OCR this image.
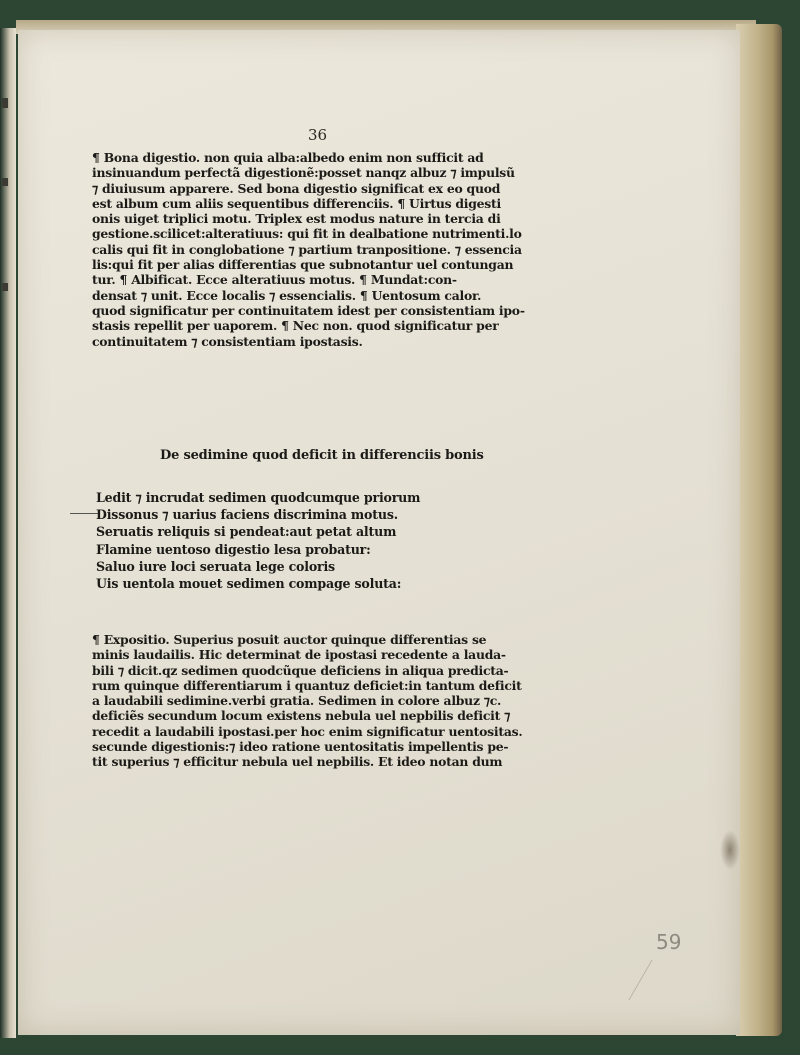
36
¶ Bona digestio. non quia alba:albedo enim non sufficit ad
insinuandum perfectã digestionẽ:posset nanqz albuz ⁊ impulsũ
⁊ diuiusum apparere. Sed bona digestio significat ex eo quod
est album cum aliis sequentibus differenciis. ¶ Uirtus digesti
onis uiget triplici motu. Triplex est modus nature in tercia di
gestione.scilicet:alteratiuus: qui fit in dealbatione nutrimenti.lo
calis qui fit in conglobatione ⁊ partium tranpositione. ⁊ essencia
lis:qui fit per alias differentias que subnotantur uel contungan
tur. ¶ Albificat. Ecce alteratiuus motus. ¶ Mundat:con‑
densat ⁊ unit. Ecce localis ⁊ essencialis. ¶ Uentosum calor.
quod significatur per continuitatem idest per consistentiam ipo‑
stasis repellit per uaporem. ¶ Nec non. quod significatur per
continuitatem ⁊ consistentiam ipostasis.
De sedimine quod deficit in differenciis bonis
Ledit ⁊ incrudat sedimen quodcumque priorum
Dissonus ⁊ uarius faciens discrimina motus.
Seruatis reliquis si pendeat:aut petat altum
Flamine uentoso digestio lesa probatur:
Saluo iure loci seruata lege coloris
Uis uentola mouet sedimen compage soluta:
¶ Expositio. Superius posuit auctor quinque differentias se
minis laudailis. Hic determinat de ipostasi recedente a lauda‑
bili ⁊ dicit.qz sedimen quodcũque deficiens in aliqua predicta‑
rum quinque differentiarum i quantuz deficiet:in tantum deficit
a laudabili sedimine.verbi gratia. Sedimen in colore albuz ⁊c.
deficiẽs secundum locum existens nebula uel nepbilis deficit ⁊
recedit a laudabili ipostasi.per hoc enim significatur uentositas.
secunde digestionis:⁊ ideo ratione uentositatis impellentis pe‑
tit superius ⁊ efficitur nebula uel nepbilis. Et ideo notan dum
59
